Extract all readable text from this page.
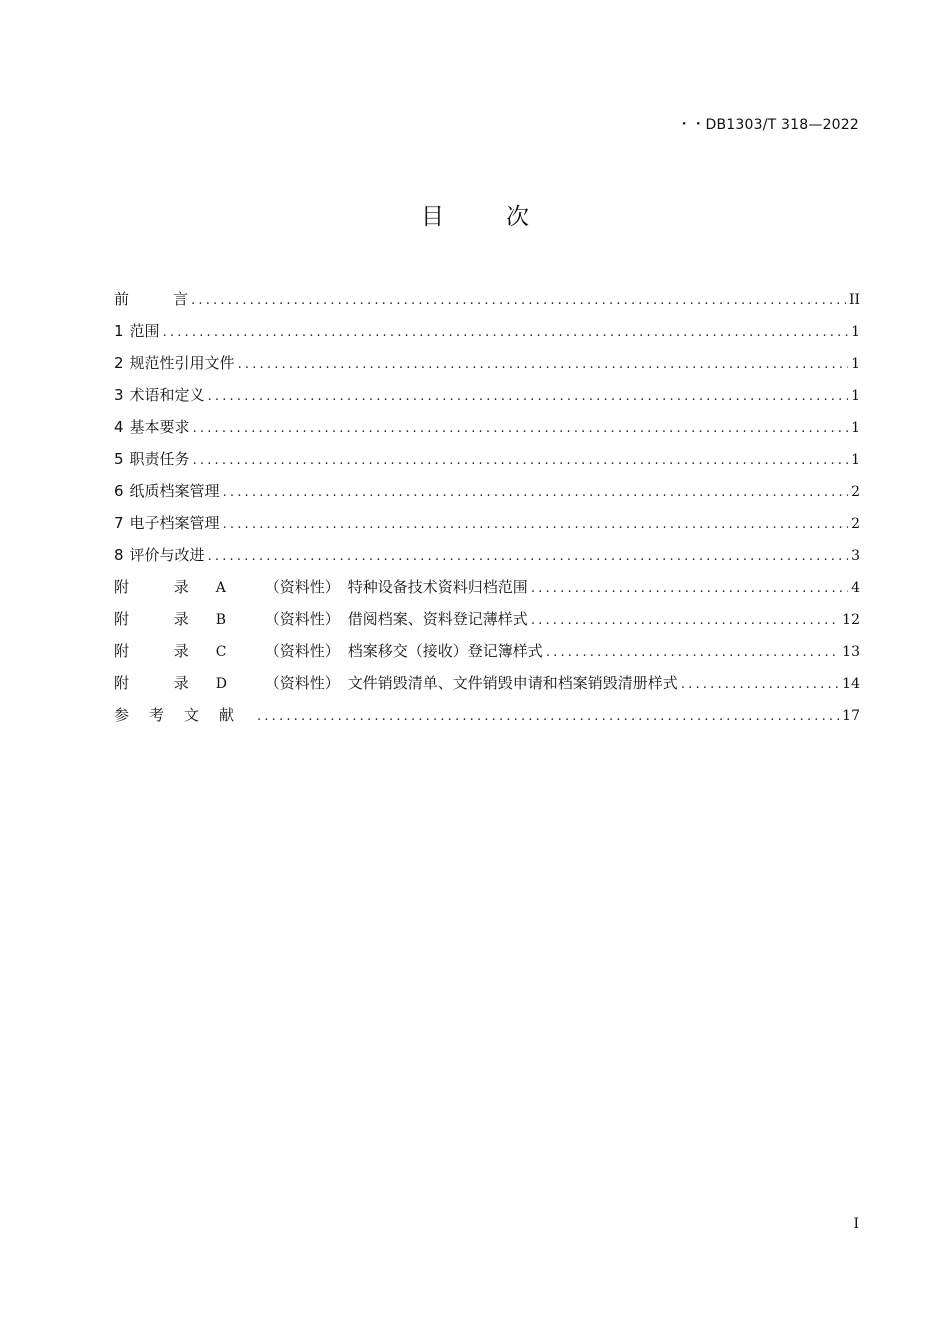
・・DB1303/T 318—2022
目	次
前	言 .....	II
1 范围 .....	1
2 规范性引用文件 .....	1
3 术语和定义 .....	1
4 基本要求 .....	1
5 职责任务 .....	1
6 纸质档案管理 .....	2
7 电子档案管理 .....	2
8 评价与改进 .....	3
附 录 A	（资料性） 特种设备技术资料归档范围 .....	4
附 录 B	（资料性） 借阅档案、资料登记薄样式 .....	12
附 录 C	（资料性） 档案移交（接收）登记簿样式 .....	13
附 录 D	（资料性） 文件销毁清单、文件销毁申请和档案销毁清册样式 .....	14
参考文献 .....	17
I
